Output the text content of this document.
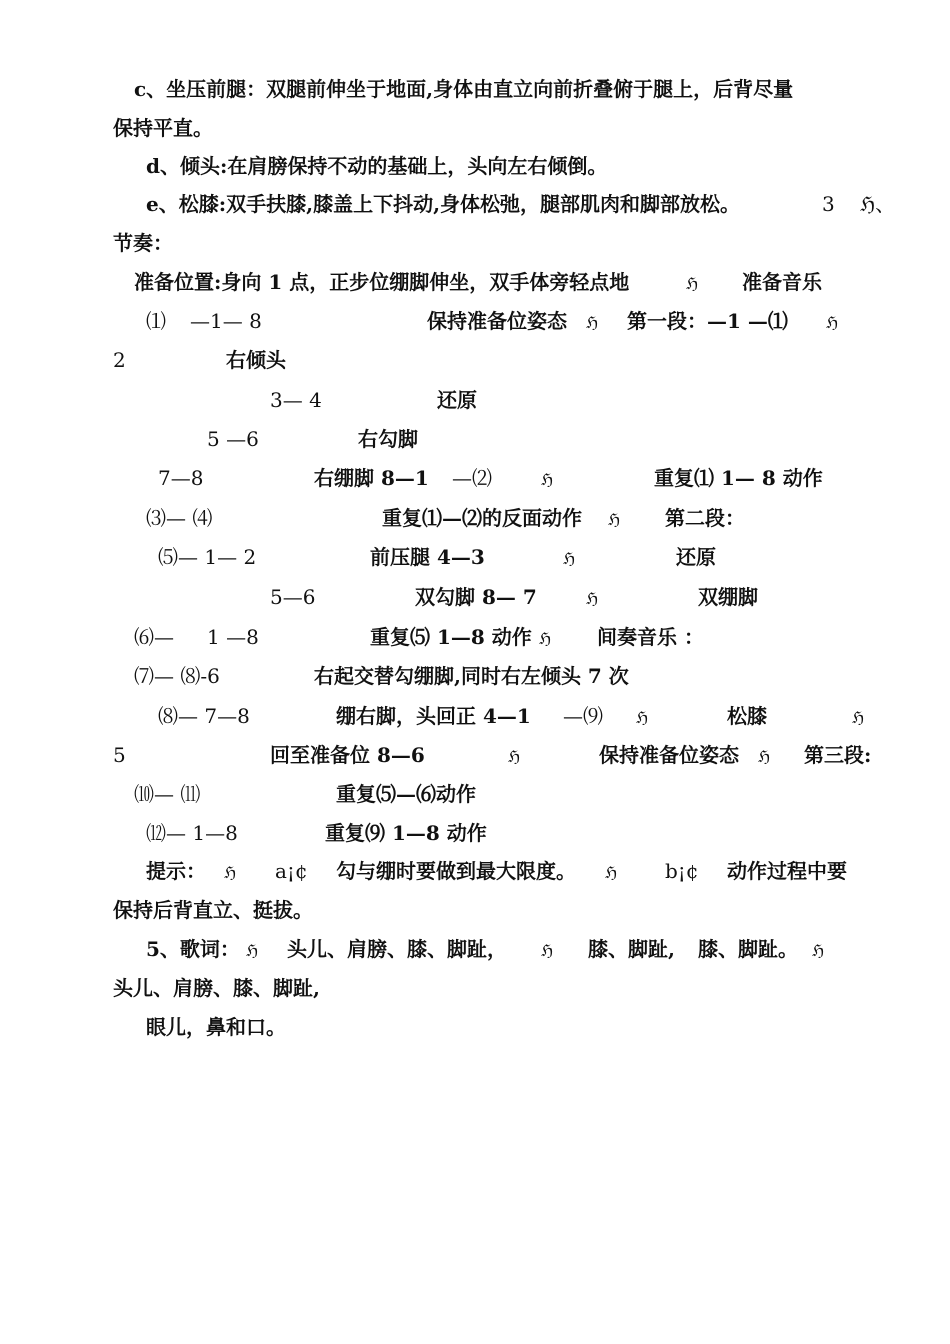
c、坐压前腿：双腿前伸坐于地面,身体由直立向前折叠俯于腿上，后背尽量
保持平直。
d、倾头:在肩膀保持不动的基础上，头向左右倾倒。
e、松膝:双手扶膝,膝盖上下抖动,身体松弛，腿部肌肉和脚部放松。	3 ℌ、
节奏：
准备位置:身向 1 点，正步位绷脚伸坐，双手体旁轻点地	ℌ 准备音乐
⑴ —1— 8	保持准备位姿态 ℌ 第一段：—1 —⑴ ℌ
2	右倾头
3— 4	还原
5 —6	右勾脚
7—8	右绷脚 8—1 —⑵	ℌ	重复⑴ 1— 8 动作
⑶— ⑷	重复⑴—⑵的反面动作 ℌ 第二段：
⑸— 1— 2	前压腿 4—3	ℌ	还原
5—6	双勾脚 8— 7	ℌ	双绷脚
⑹— 1 —8	重复⑸ 1—8 动作 ℌ 间奏音乐 ：
⑺— ⑻-6	右起交替勾绷脚,同时右左倾头 7 次
⑻— 7—8	绷右脚，头回正 4—1 —⑼ ℌ	松膝	ℌ
5	回至准备位 8—6	ℌ	保持准备位姿态 ℌ 第三段:
⑽— ⑾	重复⑸—⑹动作
⑿— 1—8	重复⑼ 1—8 动作
提示： ℌ a¡¢ 勾与绷时要做到最大限度。 ℌ b¡¢ 动作过程中要
保持后背直立、挺拔。
5、歌词： ℌ 头儿、肩膀、膝、脚趾， ℌ 膝、脚趾, 膝、脚趾。 ℌ
头儿、肩膀、膝、脚趾,
眼儿，鼻和口。
